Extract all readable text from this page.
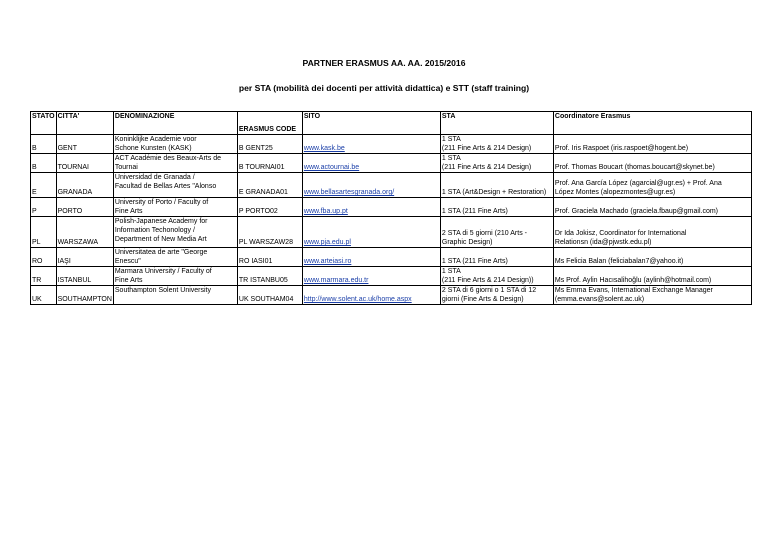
PARTNER ERASMUS AA. AA. 2015/2016
per STA (mobilità dei docenti per attività didattica) e STT (staff training)
STATO	CITTA'	DENOMINAZIONE	ERASMUS CODE	SITO	STA	Coordinatore Erasmus
B	GENT	Koninklijke Academie voor
Schone Kunsten (KASK)	B GENT25	www.kask.be	1 STA
(211 Fine Arts & 214 Design)	Prof. Iris Raspoet (iris.raspoet@hogent.be)

B	TOURNAI	ACT Académie des Beaux-Arts de
Tournai	B TOURNAI01	www.actournai.be	1 STA
(211 Fine Arts & 214 Design)	Prof. Thomas Boucart (thomas.boucart@skynet.be)

E	GRANADA	Universidad de Granada /
Facultad de Bellas Artes "Alonso	E GRANADA01	www.bellasartesgranada.org/	1 STA (Art&Design + Restoration)	Prof. Ana García López (agarcial@ugr.es) + Prof. Ana
López Montes (alopezmontes@ugr.es)

P	PORTO	University of Porto / Faculty of
Fine Arts	P PORTO02	www.fba.up.pt	1 STA (211 Fine Arts)	Prof. Graciela Machado (graciela.fbaup@gmail.com)

PL	WARSZAWA	Polish-Japanese Academy for
Information Techonology /
Department of New Media Art	PL WARSZAW28	www.pja.edu.pl	2 STA di 5 giorni (210 Arts -
Graphic Design)	Dr Ida Jokisz, Coordinator for International
Relationsn (ida@pjwstk.edu.pl)

RO	IAŞI	Universitatea de arte "George
Enescu"	RO IASI01	www.arteiasi.ro	1 STA (211 Fine Arts)	Ms Felicia Balan (feliciabalan7@yahoo.it)

TR	ISTANBUL	Marmara University / Faculty of
Fine Arts	TR ISTANBU05	www.marmara.edu.tr	1 STA
(211 Fine Arts & 214 Design))	Ms Prof. Aylin Hacısalihoğlu (aylinh@hotmail.com)

UK	SOUTHAMPTON	Southampton Solent University	UK SOUTHAM04	http://www.solent.ac.uk/home.aspx	2 STA di 6 giorni o 1 STA di 12
giorni (Fine Arts & Design)	Ms Emma Evans, International Exchange Manager
(emma.evans@solent.ac.uk)
